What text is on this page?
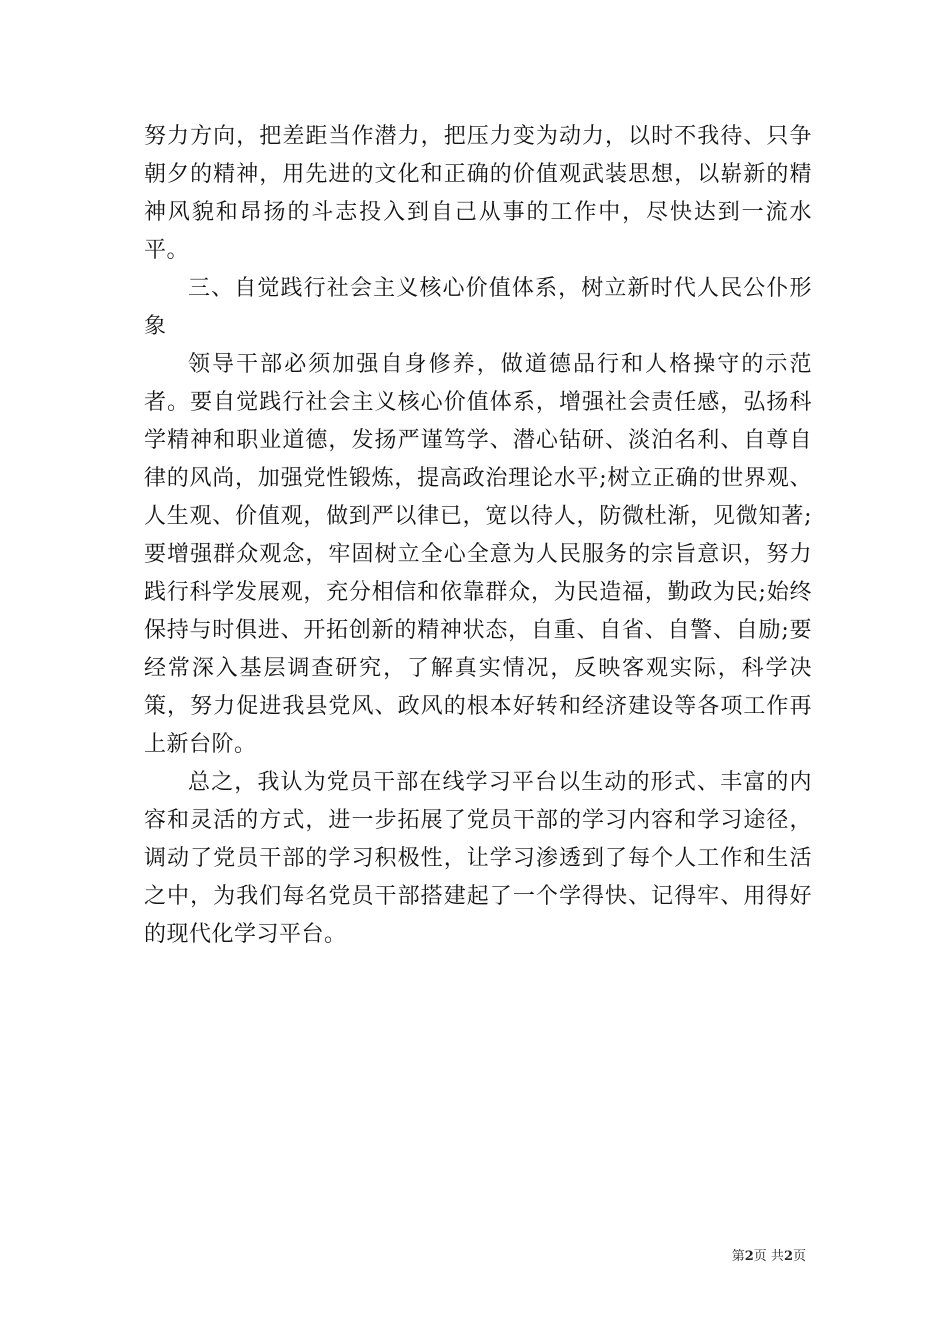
努力方向，把差距当作潜力，把压力变为动力，以时不我待、只争朝夕的精神，用先进的文化和正确的价值观武装思想，以崭新的精神风貌和昂扬的斗志投入到自己从事的工作中，尽快达到一流水平。

三、自觉践行社会主义核心价值体系，树立新时代人民公仆形象

领导干部必须加强自身修养，做道德品行和人格操守的示范者。要自觉践行社会主义核心价值体系，增强社会责任感，弘扬科学精神和职业道德，发扬严谨笃学、潜心钻研、淡泊名利、自尊自律的风尚，加强党性锻炼，提高政治理论水平;树立正确的世界观、人生观、价值观，做到严以律已，宽以待人，防微杜渐，见微知著;要增强群众观念，牢固树立全心全意为人民服务的宗旨意识，努力践行科学发展观，充分相信和依靠群众，为民造福，勤政为民;始终保持与时俱进、开拓创新的精神状态，自重、自省、自警、自励;要经常深入基层调查研究，了解真实情况，反映客观实际，科学决策，努力促进我县党风、政风的根本好转和经济建设等各项工作再上新台阶。

总之，我认为党员干部在线学习平台以生动的形式、丰富的内容和灵活的方式，进一步拓展了党员干部的学习内容和学习途径，调动了党员干部的学习积极性，让学习渗透到了每个人工作和生活之中，为我们每名党员干部搭建起了一个学得快、记得牢、用得好的现代化学习平台。

第2页 共2页
